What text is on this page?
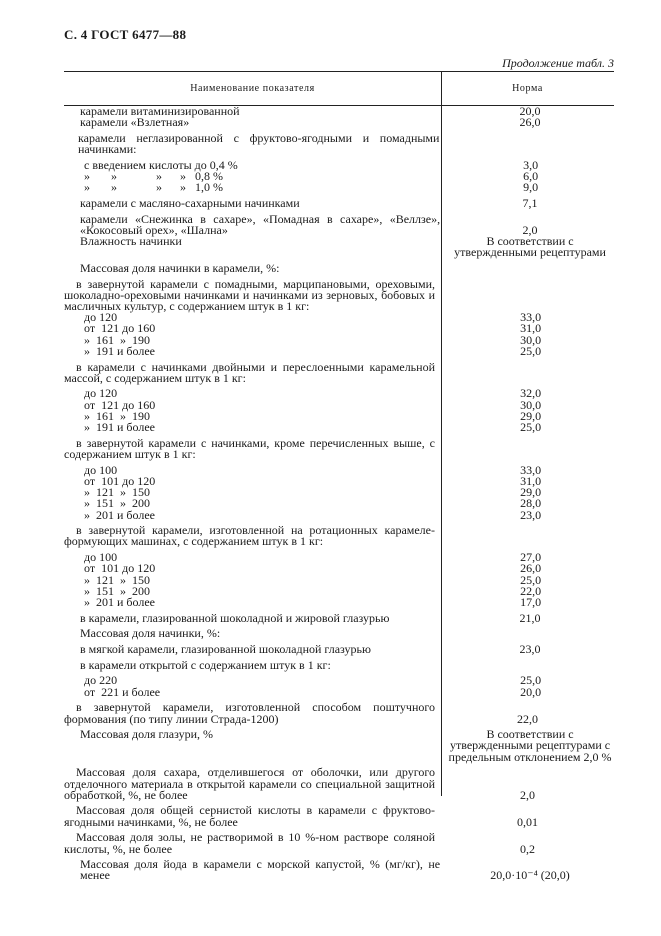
С. 4 ГОСТ 6477—88
Продолжение табл. 3
Наименование показателя	Норма
карамели витаминизированной	20,0
карамели «Взлетная»	26,0
карамели неглазированной с фруктово-ягодными и помадными начинками:
с введением кислоты до 0,4 %	3,0
»       »             »      »   0,8 %	6,0
»       »             »      »   1,0 %	9,0
карамели с масляно-сахарными начинками	7,1
карамели «Снежинка в сахаре», «Помадная в сахаре», «Веллзе», «Кокосовый орех», «Шална»	2,0
Влажность начинки	В соответствии с утвержденными рецептурами
Массовая доля начинки в карамели, %:
в завернутой карамели с помадными, марципановыми, ореховыми, шоколадно-ореховыми начинками и начинками из зерновых, бобовых и масличных культур, с содержанием штук в 1 кг:
до 120	33,0
от  121 до 160	31,0
»  161  »  190	30,0
»  191 и более	25,0
в карамели с начинками двойными и переслоенными карамельной массой, с содержанием штук в 1 кг:
до 120	32,0
от  121 до 160	30,0
»  161  »  190	29,0
»  191 и более	25,0
в завернутой карамели с начинками, кроме перечисленных выше, с содержанием штук в 1 кг:
до 100	33,0
от  101 до 120	31,0
»  121  »  150	29,0
»  151  »  200	28,0
»  201 и более	23,0
в завернутой карамели, изготовленной на ротационных карамеле-формующих машинах, с содержанием штук в 1 кг:
до 100	27,0
от  101 до 120	26,0
»  121  »  150	25,0
»  151  »  200	22,0
»  201 и более	17,0
в карамели, глазированной шоколадной и жировой глазурью	21,0
Массовая доля начинки, %:
в мягкой карамели, глазированной шоколадной глазурью	23,0
в карамели открытой с содержанием штук в 1 кг:
до 220	25,0
от  221 и более	20,0
в завернутой карамели, изготовленной способом поштучного формования (по типу линии Страда-1200)	22,0
Массовая доля глазури, %	В соответствии с утвержденными рецептурами с предельным отклонением 2,0 %
Массовая доля сахара, отделившегося от оболочки, или другого отделочного материала в открытой карамели со специальной защитной обработкой, %, не более	2,0
Массовая доля общей сернистой кислоты в карамели с фруктово-ягодными начинками, %, не более	0,01
Массовая доля золы, не растворимой в 10 %-ном растворе соляной кислоты, %, не более	0,2
Массовая доля йода в карамели с морской капустой, % (мг/кг), не менее	20,0·10⁻⁴ (20,0)
